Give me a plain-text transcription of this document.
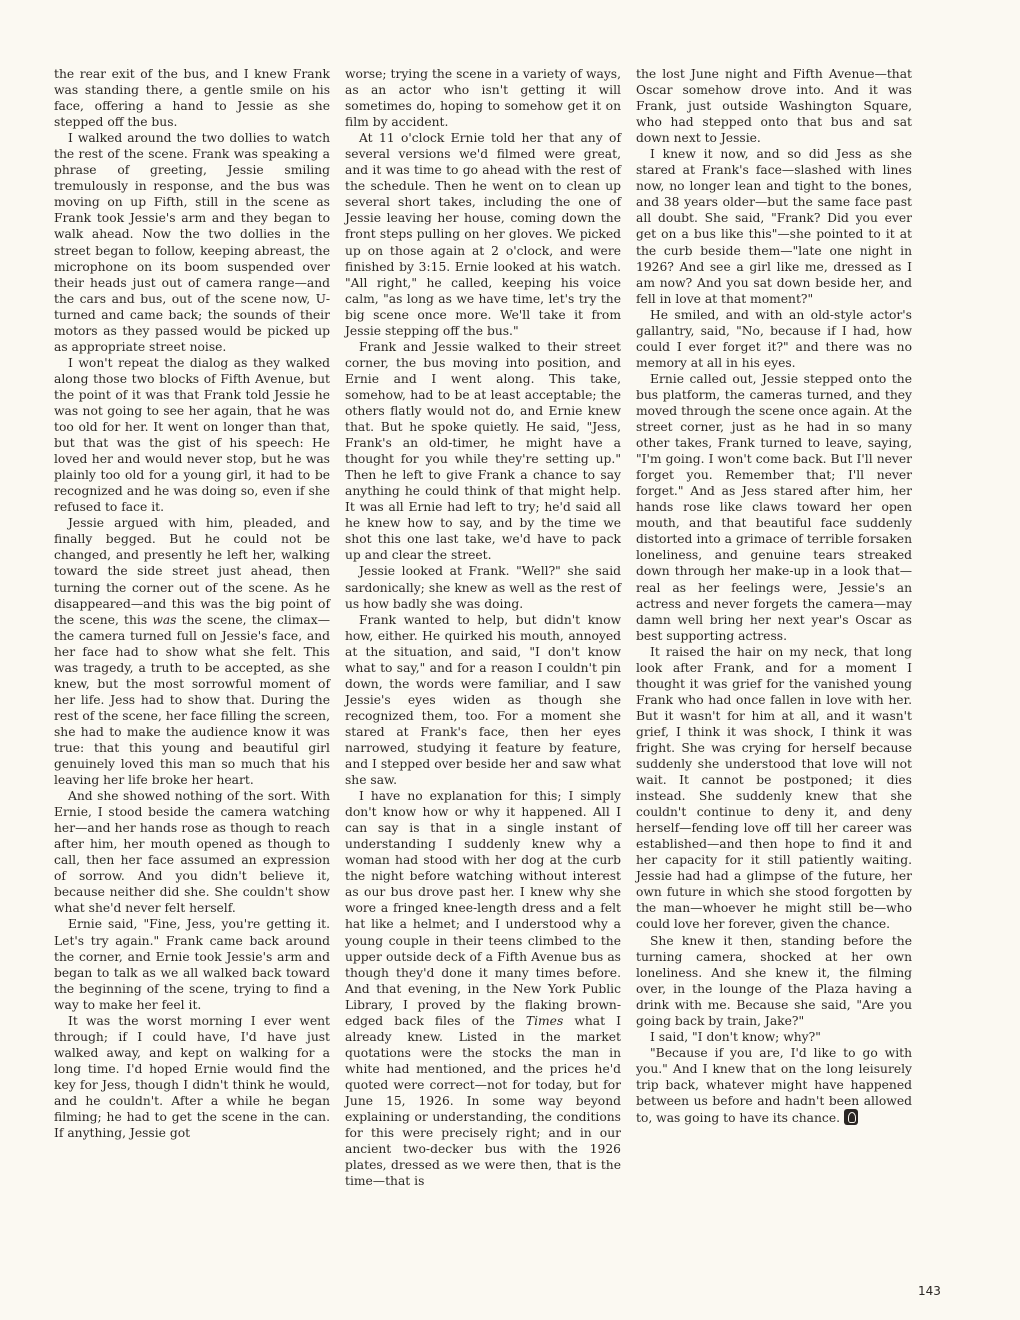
the rear exit of the bus, and I knew Frank was standing there, a gentle smile on his face, offering a hand to Jessie as she stepped off the bus.

I walked around the two dollies to watch the rest of the scene. Frank was speaking a phrase of greeting, Jessie smiling tremulously in response, and the bus was moving on up Fifth, still in the scene as Frank took Jessie's arm and they began to walk ahead. Now the two dollies in the street began to follow, keeping abreast, the microphone on its boom suspended over their heads just out of camera range—and the cars and bus, out of the scene now, U-turned and came back; the sounds of their motors as they passed would be picked up as appropriate street noise.

I won't repeat the dialog as they walked along those two blocks of Fifth Avenue, but the point of it was that Frank told Jessie he was not going to see her again, that he was too old for her. It went on longer than that, but that was the gist of his speech: He loved her and would never stop, but he was plainly too old for a young girl, it had to be recognized and he was doing so, even if she refused to face it.

Jessie argued with him, pleaded, and finally begged. But he could not be changed, and presently he left her, walking toward the side street just ahead, then turning the corner out of the scene. As he disappeared—and this was the big point of the scene, this was the scene, the climax—the camera turned full on Jessie's face, and her face had to show what she felt. This was tragedy, a truth to be accepted, as she knew, but the most sorrowful moment of her life. Jess had to show that. During the rest of the scene, her face filling the screen, she had to make the audience know it was true: that this young and beautiful girl genuinely loved this man so much that his leaving her life broke her heart.

And she showed nothing of the sort. With Ernie, I stood beside the camera watching her—and her hands rose as though to reach after him, her mouth opened as though to call, then her face assumed an expression of sorrow. And you didn't believe it, because neither did she. She couldn't show what she'd never felt herself.

Ernie said, "Fine, Jess, you're getting it. Let's try again." Frank came back around the corner, and Ernie took Jessie's arm and began to talk as we all walked back toward the beginning of the scene, trying to find a way to make her feel it.

It was the worst morning I ever went through; if I could have, I'd have just walked away, and kept on walking for a long time. I'd hoped Ernie would find the key for Jess, though I didn't think he would, and he couldn't. After a while he began filming; he had to get the scene in the can. If anything, Jessie got

worse; trying the scene in a variety of ways, as an actor who isn't getting it will sometimes do, hoping to somehow get it on film by accident.

At 11 o'clock Ernie told her that any of several versions we'd filmed were great, and it was time to go ahead with the rest of the schedule. Then he went on to clean up several short takes, including the one of Jessie leaving her house, coming down the front steps pulling on her gloves. We picked up on those again at 2 o'clock, and were finished by 3:15. Ernie looked at his watch. "All right," he called, keeping his voice calm, "as long as we have time, let's try the big scene once more. We'll take it from Jessie stepping off the bus."

Frank and Jessie walked to their street corner, the bus moving into position, and Ernie and I went along. This take, somehow, had to be at least acceptable; the others flatly would not do, and Ernie knew that. But he spoke quietly. He said, "Jess, Frank's an old-timer, he might have a thought for you while they're setting up." Then he left to give Frank a chance to say anything he could think of that might help. It was all Ernie had left to try; he'd said all he knew how to say, and by the time we shot this one last take, we'd have to pack up and clear the street.

Jessie looked at Frank. "Well?" she said sardonically; she knew as well as the rest of us how badly she was doing.

Frank wanted to help, but didn't know how, either. He quirked his mouth, annoyed at the situation, and said, "I don't know what to say," and for a reason I couldn't pin down, the words were familiar, and I saw Jessie's eyes widen as though she recognized them, too. For a moment she stared at Frank's face, then her eyes narrowed, studying it feature by feature, and I stepped over beside her and saw what she saw.

I have no explanation for this; I simply don't know how or why it happened. All I can say is that in a single instant of understanding I suddenly knew why a woman had stood with her dog at the curb the night before watching without interest as our bus drove past her. I knew why she wore a fringed knee-length dress and a felt hat like a helmet; and I understood why a young couple in their teens climbed to the upper outside deck of a Fifth Avenue bus as though they'd done it many times before. And that evening, in the New York Public Library, I proved by the flaking brown-edged back files of the Times what I already knew. Listed in the market quotations were the stocks the man in white had mentioned, and the prices he'd quoted were correct—not for today, but for June 15, 1926. In some way beyond explaining or understanding, the conditions for this were precisely right; and in our ancient two-decker bus with the 1926 plates, dressed as we were then, that is the time—that is

the lost June night and Fifth Avenue—that Oscar somehow drove into. And it was Frank, just outside Washington Square, who had stepped onto that bus and sat down next to Jessie.

I knew it now, and so did Jess as she stared at Frank's face—slashed with lines now, no longer lean and tight to the bones, and 38 years older—but the same face past all doubt. She said, "Frank? Did you ever get on a bus like this"—she pointed to it at the curb beside them—"late one night in 1926? And see a girl like me, dressed as I am now? And you sat down beside her, and fell in love at that moment?"

He smiled, and with an old-style actor's gallantry, said, "No, because if I had, how could I ever forget it?" and there was no memory at all in his eyes.

Ernie called out, Jessie stepped onto the bus platform, the cameras turned, and they moved through the scene once again. At the street corner, just as he had in so many other takes, Frank turned to leave, saying, "I'm going. I won't come back. But I'll never forget you. Remember that; I'll never forget." And as Jess stared after him, her hands rose like claws toward her open mouth, and that beautiful face suddenly distorted into a grimace of terrible forsaken loneliness, and genuine tears streaked down through her make-up in a look that—real as her feelings were, Jessie's an actress and never forgets the camera—may damn well bring her next year's Oscar as best supporting actress.

It raised the hair on my neck, that long look after Frank, and for a moment I thought it was grief for the vanished young Frank who had once fallen in love with her. But it wasn't for him at all, and it wasn't grief, I think it was shock, I think it was fright. She was crying for herself because suddenly she understood that love will not wait. It cannot be postponed; it dies instead. She suddenly knew that she couldn't continue to deny it, and deny herself—fending love off till her career was established—and then hope to find it and her capacity for it still patiently waiting. Jessie had had a glimpse of the future, her own future in which she stood forgotten by the man—whoever he might still be—who could love her forever, given the chance.

She knew it then, standing before the turning camera, shocked at her own loneliness. And she knew it, the filming over, in the lounge of the Plaza having a drink with me. Because she said, "Are you going back by train, Jake?"

I said, "I don't know; why?"

"Because if you are, I'd like to go with you." And I knew that on the long leisurely trip back, whatever might have happened between us before and hadn't been allowed to, was going to have its chance.

143
